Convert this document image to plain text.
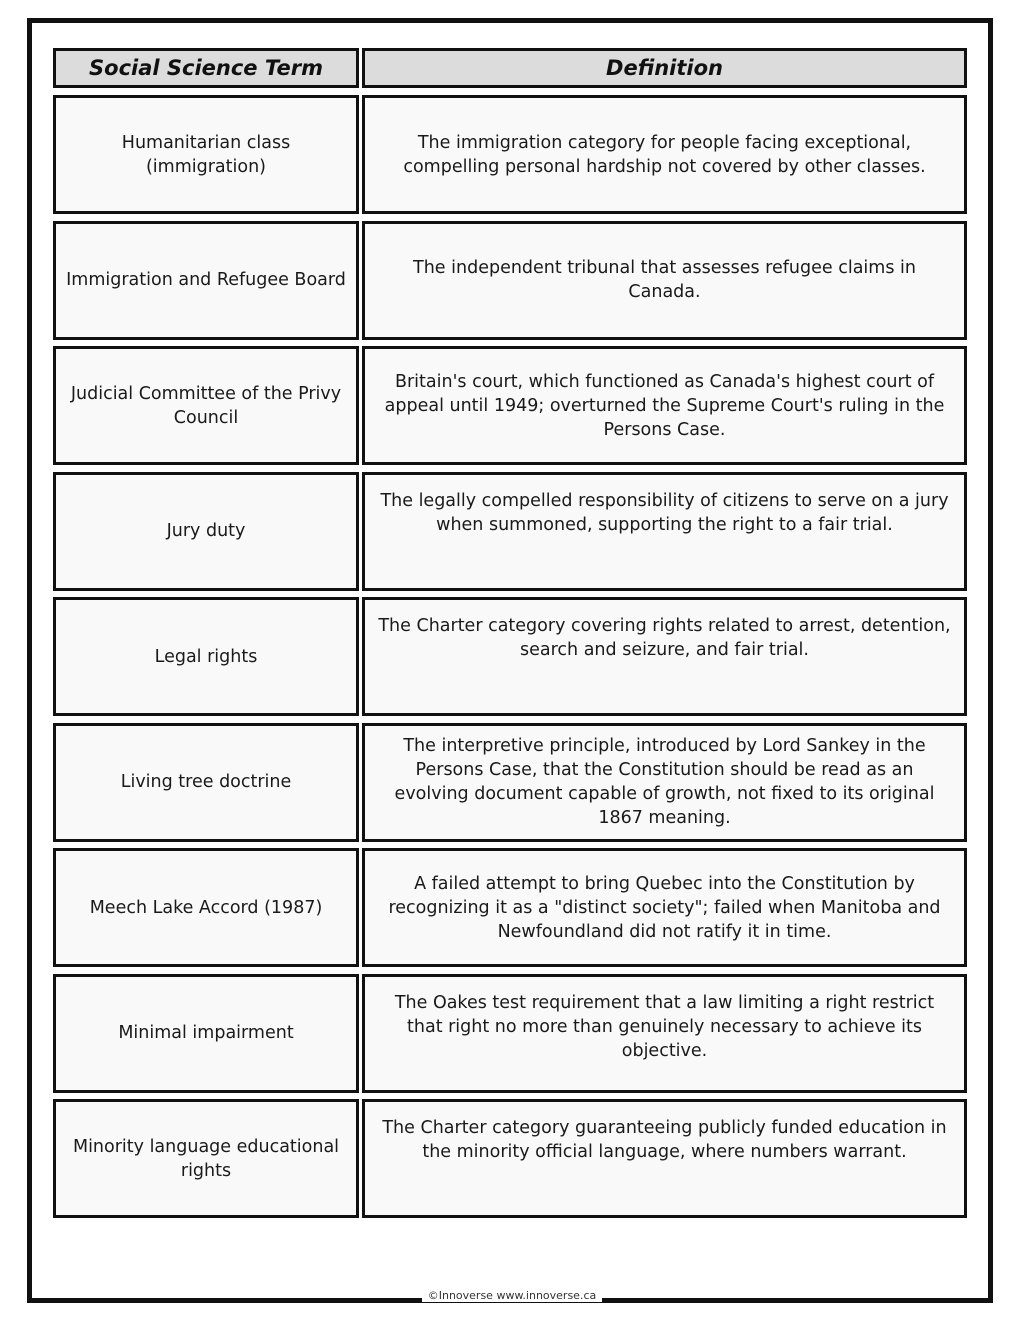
Social Science Term	Definition
Humanitarian class (immigration)
The immigration category for people facing exceptional, compelling personal hardship not covered by other classes.
Immigration and Refugee Board
The independent tribunal that assesses refugee claims in Canada.
Judicial Committee of the Privy Council
Britain's court, which functioned as Canada's highest court of appeal until 1949; overturned the Supreme Court's ruling in the Persons Case.
Jury duty
The legally compelled responsibility of citizens to serve on a jury when summoned, supporting the right to a fair trial.
Legal rights
The Charter category covering rights related to arrest, detention, search and seizure, and fair trial.
Living tree doctrine
The interpretive principle, introduced by Lord Sankey in the Persons Case, that the Constitution should be read as an evolving document capable of growth, not fixed to its original 1867 meaning.
Meech Lake Accord (1987)
A failed attempt to bring Quebec into the Constitution by recognizing it as a "distinct society"; failed when Manitoba and Newfoundland did not ratify it in time.
Minimal impairment
The Oakes test requirement that a law limiting a right restrict that right no more than genuinely necessary to achieve its objective.
Minority language educational rights
The Charter category guaranteeing publicly funded education in the minority official language, where numbers warrant.
©Innoverse www.innoverse.ca
